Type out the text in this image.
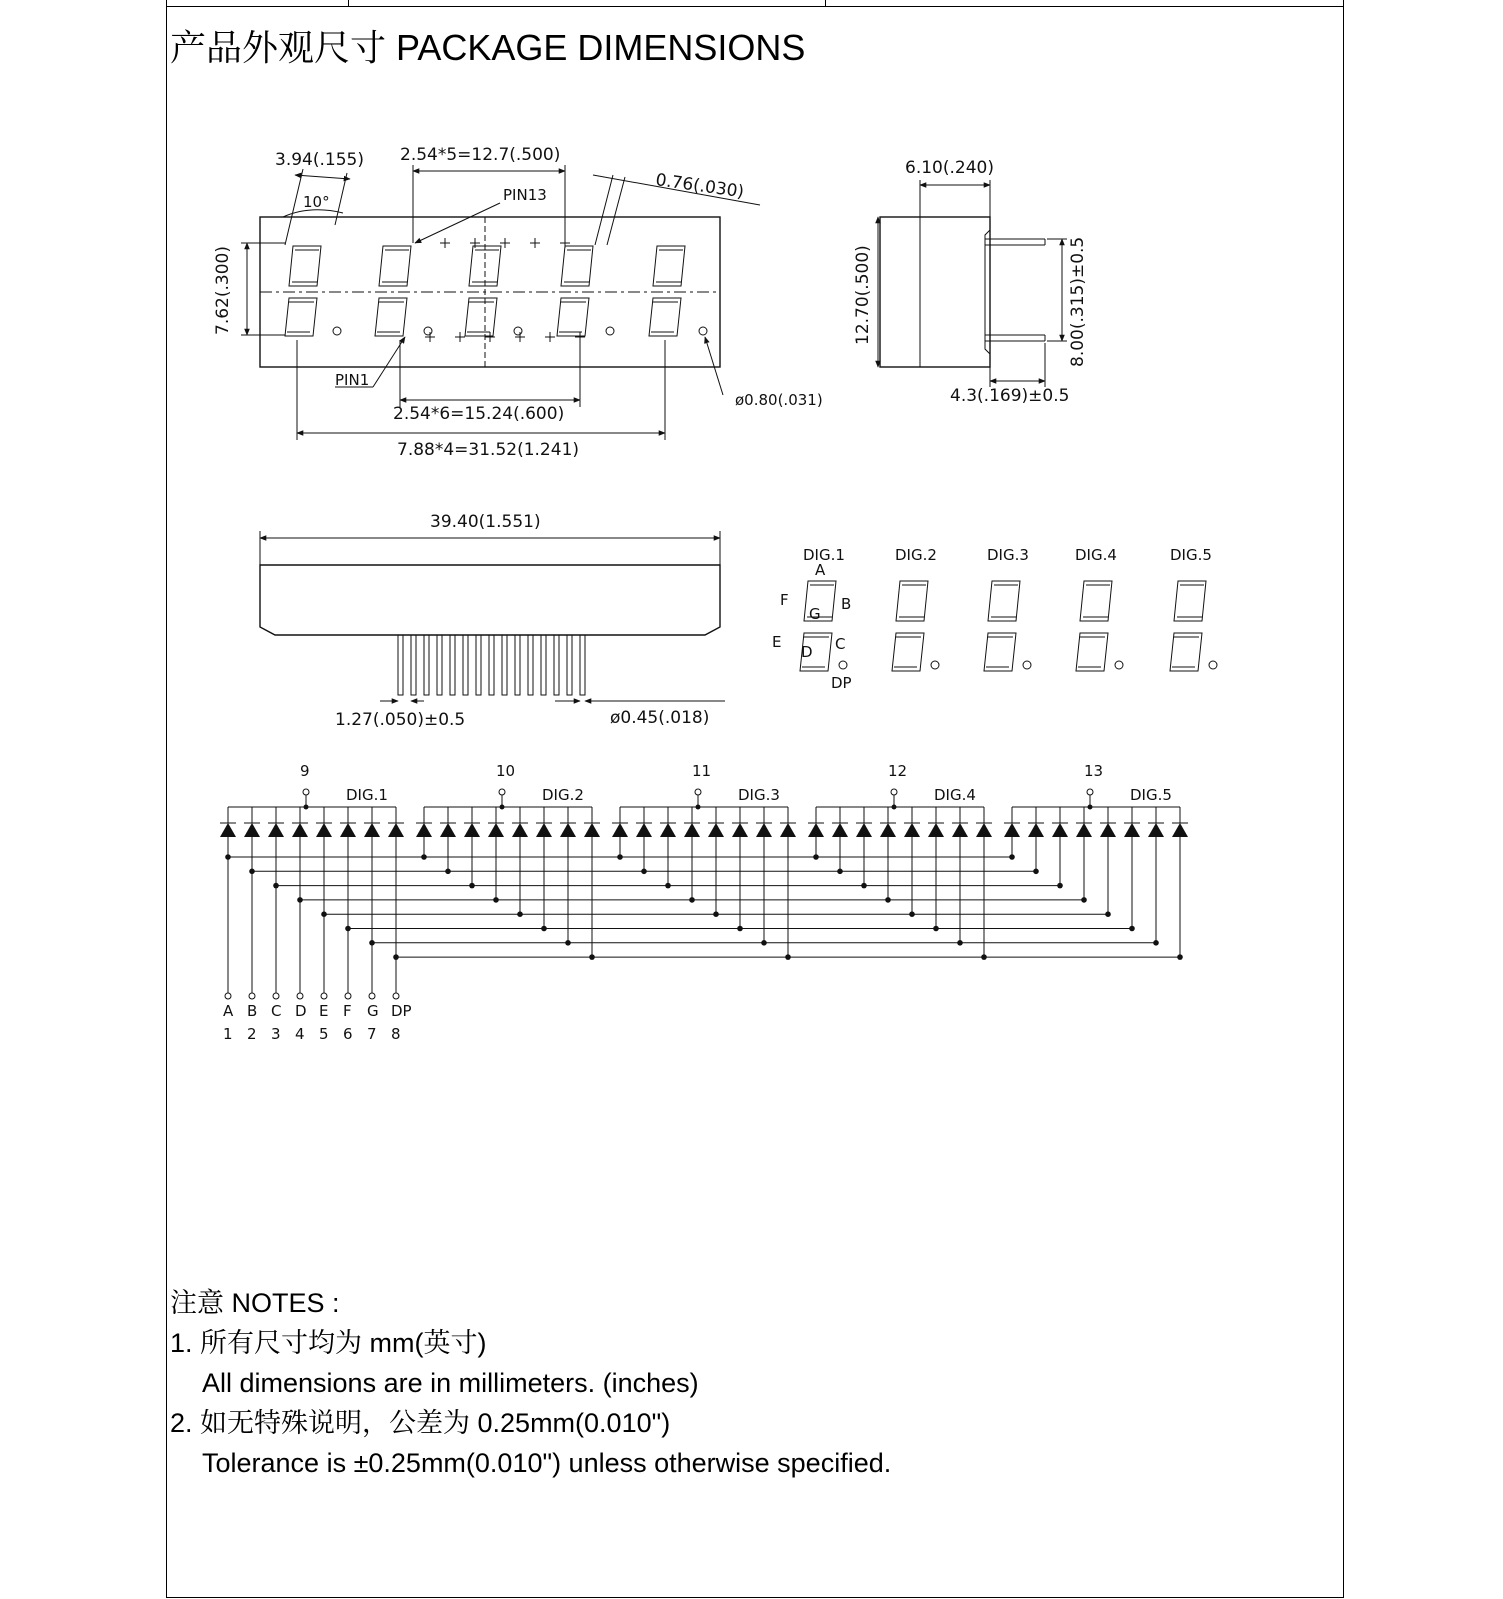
产品外观尺寸 PACKAGE DIMENSIONS
3.94(.155)
10°
2.54*5=12.7(.500)
PIN13	0.76(.030)
7.62(.300)
PIN1
2.54*6=15.24(.600)
7.88*4=31.52(1.241)
ø0.80(.031)
6.10(.240)
12.70(.500)	8.00(.315)±0.5
4.3(.169)±0.5
39.40(1.551)
1.27(.050)±0.5	ø0.45(.018)
DIG.1	DIG.2	DIG.3	DIG.4	DIG.5
A
B
C
D
E
F
G
DP
9
DIG.1
10
DIG.2
11
DIG.3
12
DIG.4
13
DIG.5
A
1
B
2
C
3
D
4
E
5
F
6
G
7
DP
8
注意 NOTES :
1. 所有尺寸均为 mm(英寸)
All dimensions are in millimeters. (inches)
2. 如无特殊说明，公差为 0.25mm(0.010")
Tolerance is ±0.25mm(0.010") unless otherwise specified.
